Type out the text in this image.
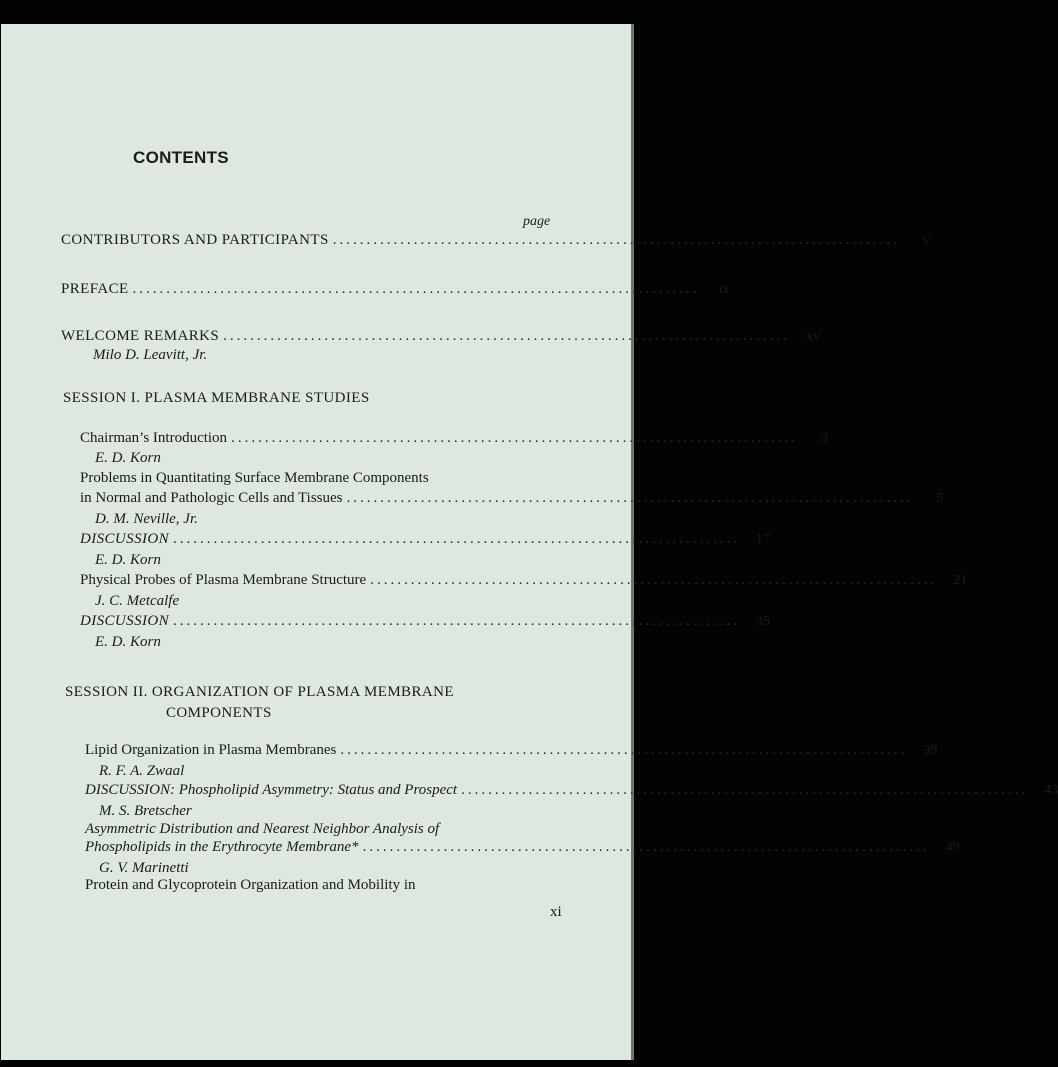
CONTENTS
page
CONTRIBUTORS AND PARTICIPANTS ....................................................................................	v
PREFACE ....................................................................................	ix
WELCOME REMARKS ....................................................................................	xv
Milo D. Leavitt, Jr.
SESSION I. PLASMA MEMBRANE STUDIES
Chairman’s Introduction ....................................................................................	3
E. D. Korn
Problems in Quantitating Surface Membrane Components
in Normal and Pathologic Cells and Tissues ....................................................................................	5
D. M. Neville, Jr.
DISCUSSION ....................................................................................	17
E. D. Korn
Physical Probes of Plasma Membrane Structure ....................................................................................	21
J. C. Metcalfe
DISCUSSION ....................................................................................	35
E. D. Korn
SESSION II. ORGANIZATION OF PLASMA MEMBRANE
COMPONENTS
Lipid Organization in Plasma Membranes ....................................................................................	39
R. F. A. Zwaal
DISCUSSION: Phospholipid Asymmetry: Status and Prospect ....................................................................................	43
M. S. Bretscher
Asymmetric Distribution and Nearest Neighbor Analysis of
Phospholipids in the Erythrocyte Membrane* ....................................................................................	49
G. V. Marinetti
Protein and Glycoprotein Organization and Mobility in
xi
